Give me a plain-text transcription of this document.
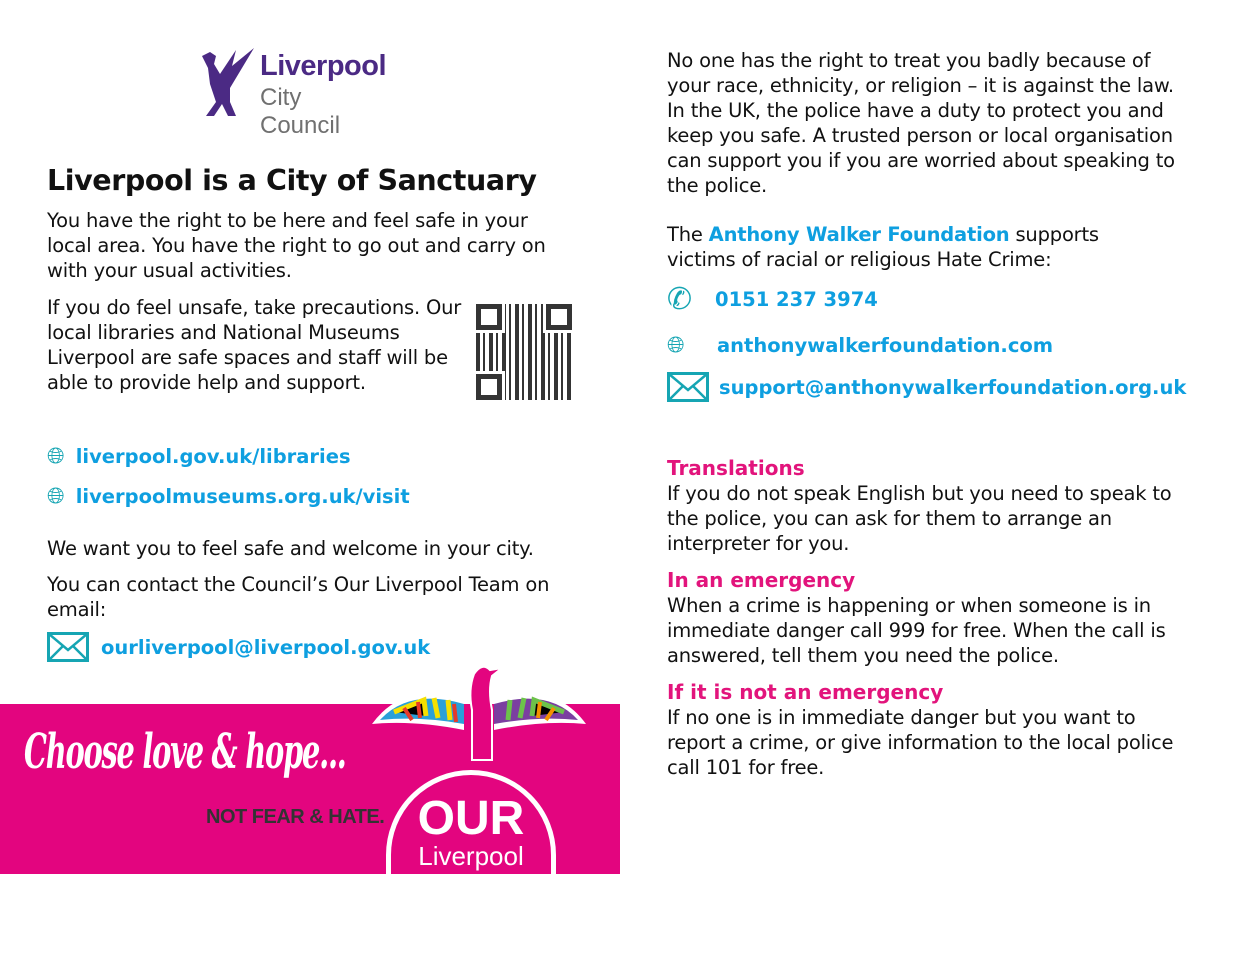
Liverpool
City Council
Liverpool is a City of Sanctuary
You have the right to be here and feel safe in your local area. You have the right to go out and carry on with your usual activities.
If you do feel unsafe, take precautions. Our local libraries and National Museums Liverpool are safe spaces and staff will be able to provide help and support.
🌐︎ liverpool.gov.uk/libraries
🌐︎ liverpoolmuseums.org.uk/visit
We want you to feel safe and welcome in your city.
You can contact the Council’s Our Liverpool Team on email:
ourliverpool@liverpool.gov.uk
Choose love & hope...
NOT FEAR & HATE. OUR
Liverpool
No one has the right to treat you badly because of your race, ethnicity, or religion – it is against the law. In the UK, the police have a duty to protect you and keep you safe. A trusted person or local organisation can support you if you are worried about speaking to the police.
The Anthony Walker Foundation supports victims of racial or religious Hate Crime:
✆	0151 237 3974
🌐︎	anthonywalkerfoundation.com
support@anthonywalkerfoundation.org.uk
Translations
If you do not speak English but you need to speak to the police, you can ask for them to arrange an interpreter for you.
In an emergency
When a crime is happening or when someone is in immediate danger call 999 for free. When the call is answered, tell them you need the police.
If it is not an emergency
If no one is in immediate danger but you want to report a crime, or give information to the local police call 101 for free.
